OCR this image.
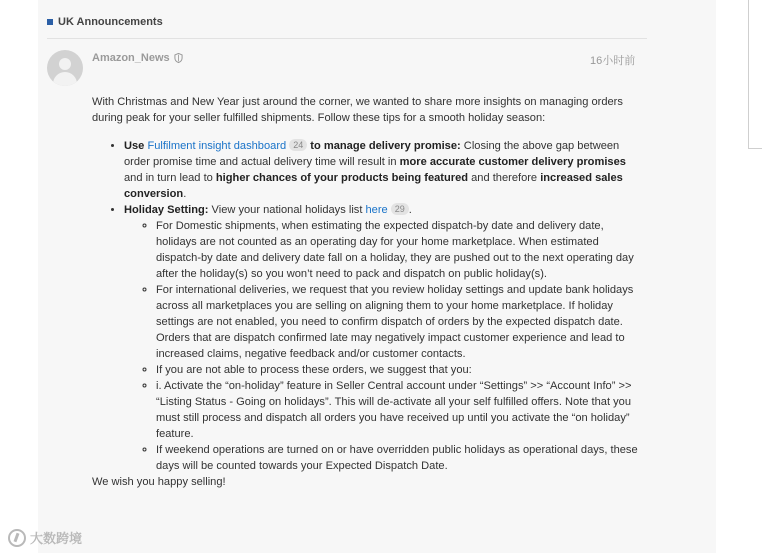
UK Announcements
Amazon_News	16小时前

With Christmas and New Year just around the corner, we wanted to share more insights on managing orders during peak for your seller fulfilled shipments. Follow these tips for a smooth holiday season:

• Use Fulfilment insight dashboard 24 to manage delivery promise: Closing the above gap between order promise time and actual delivery time will result in more accurate customer delivery promises and in turn lead to higher chances of your products being featured and therefore increased sales conversion.
• Holiday Setting: View your national holidays list here 29 .
◦ For Domestic shipments, when estimating the expected dispatch-by date and delivery date, holidays are not counted as an operating day for your home marketplace. When estimated dispatch-by date and delivery date fall on a holiday, they are pushed out to the next operating day after the holiday(s) so you won’t need to pack and dispatch on public holiday(s).
◦ For international deliveries, we request that you review holiday settings and update bank holidays across all marketplaces you are selling on aligning them to your home marketplace. If holiday settings are not enabled, you need to confirm dispatch of orders by the expected dispatch date. Orders that are dispatch confirmed late may negatively impact customer experience and lead to increased claims, negative feedback and/or customer contacts.
◦ If you are not able to process these orders, we suggest that you:
◦ i. Activate the “on-holiday” feature in Seller Central account under “Settings” >> “Account Info” >> “Listing Status - Going on holidays”. This will de-activate all your self fulfilled offers. Note that you must still process and dispatch all orders you have received up until you activate the “on holiday” feature.
◦ If weekend operations are turned on or have overridden public holidays as operational days, these days will be counted towards your Expected Dispatch Date.

We wish you happy selling!

大数跨境
